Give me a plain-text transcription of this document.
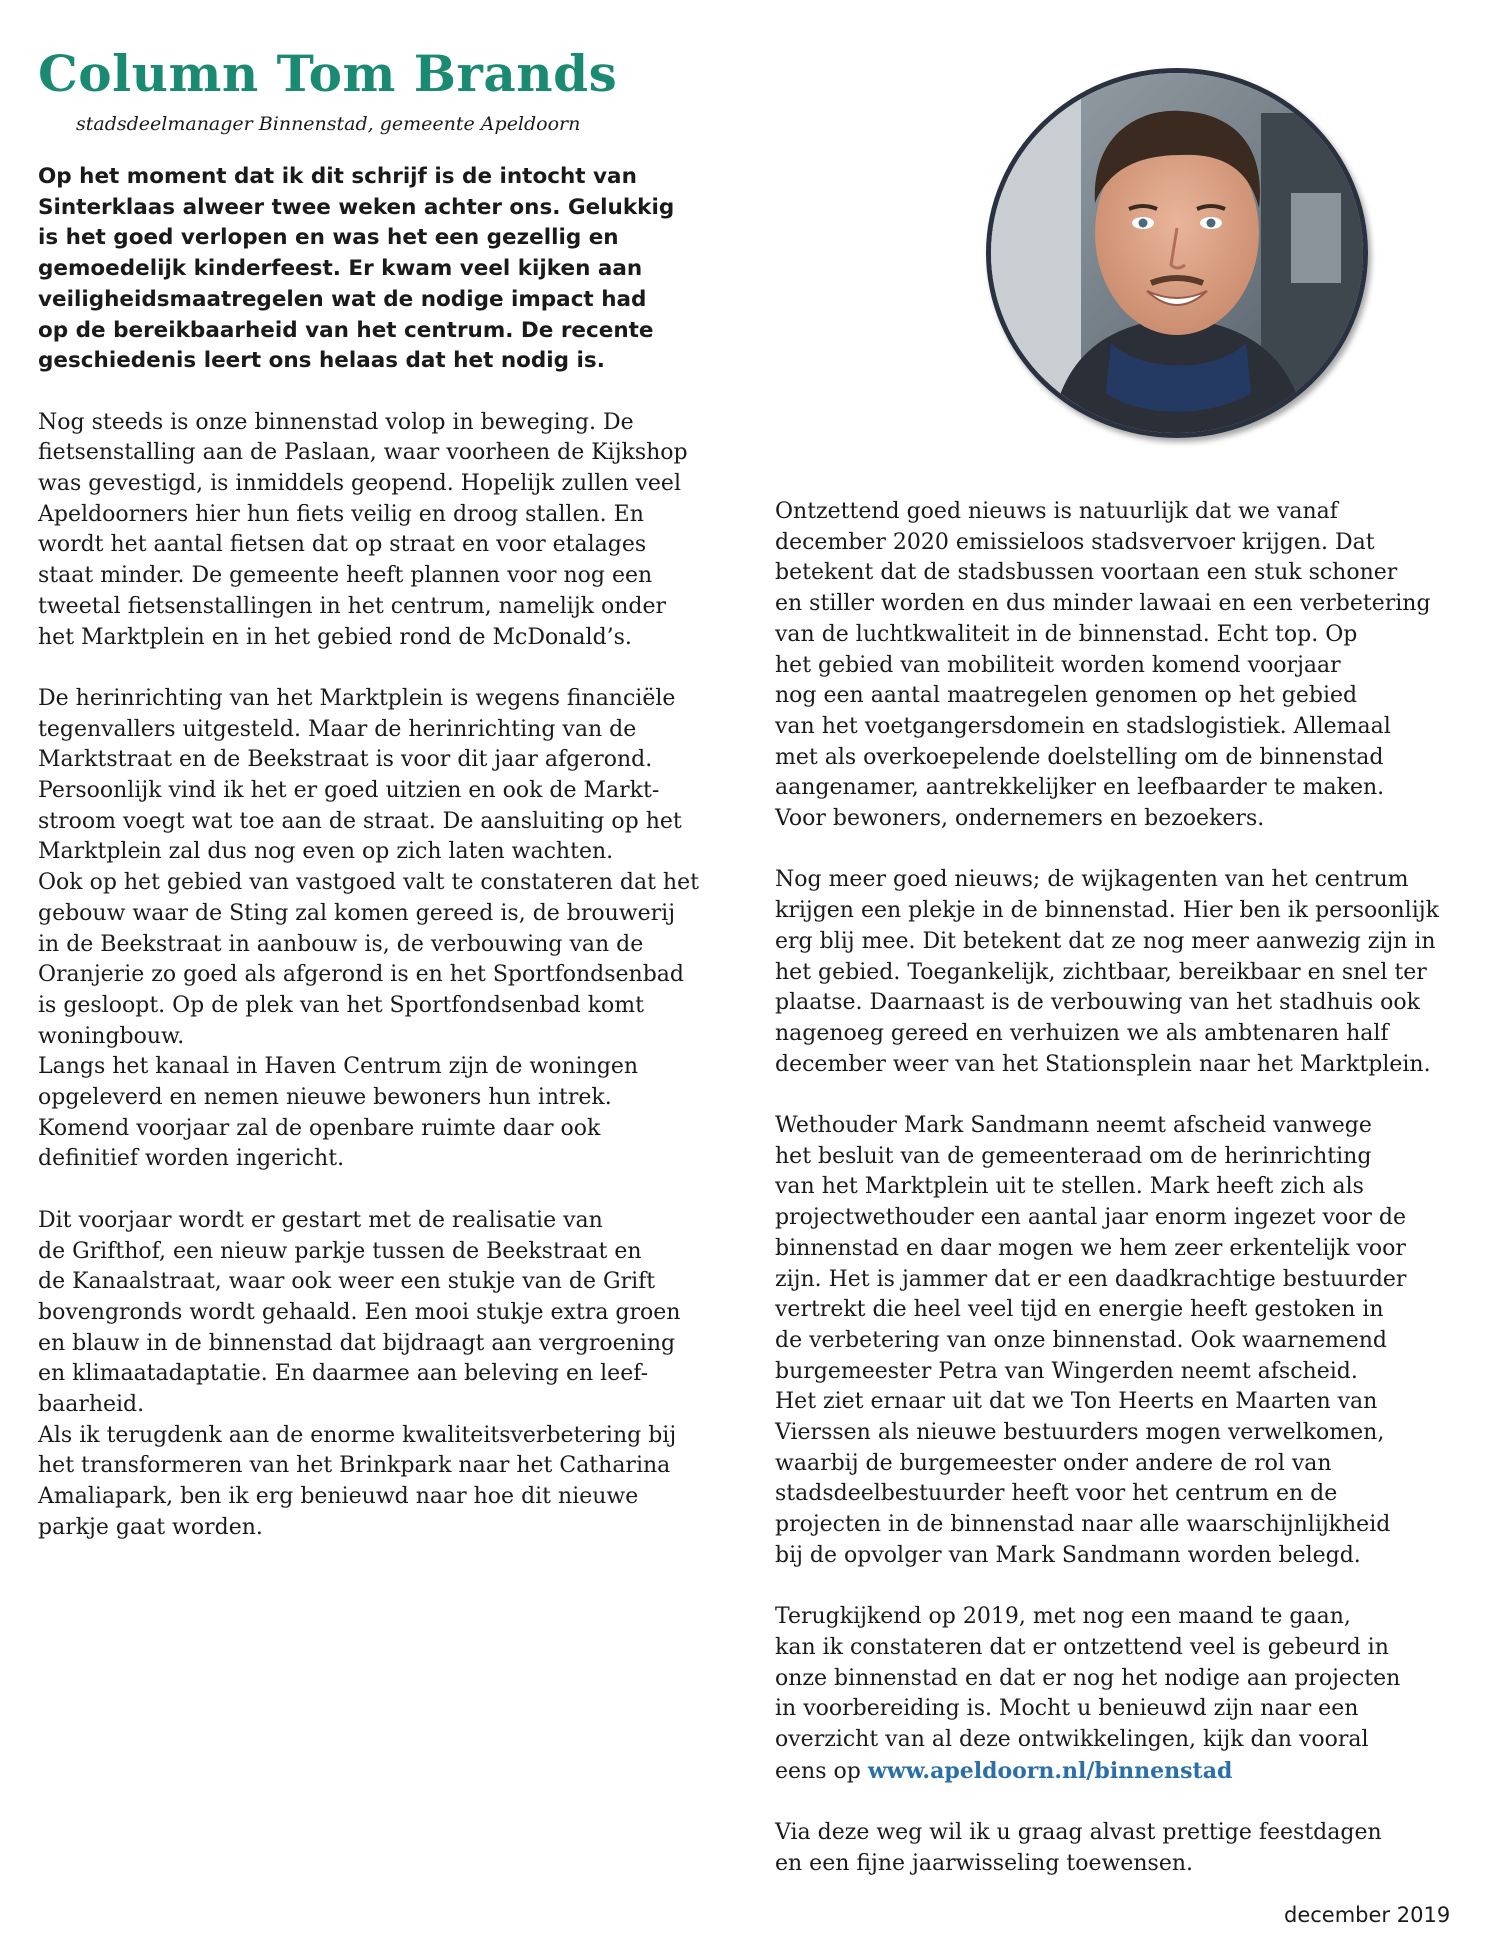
Column Tom Brands
stadsdeelmanager Binnenstad, gemeente Apeldoorn

Op het moment dat ik dit schrijf is de intocht van
Sinterklaas alweer twee weken achter ons. Gelukkig
is het goed verlopen en was het een gezellig en
gemoedelijk kinderfeest. Er kwam veel kijken aan
veiligheidsmaatregelen wat de nodige impact had
op de bereikbaarheid van het centrum. De recente
geschiedenis leert ons helaas dat het nodig is.

Nog steeds is onze binnenstad volop in beweging. De
fietsenstalling aan de Paslaan, waar voorheen de Kijkshop
was gevestigd, is inmiddels geopend. Hopelijk zullen veel
Apeldoorners hier hun fiets veilig en droog stallen. En
wordt het aantal fietsen dat op straat en voor etalages
staat minder. De gemeente heeft plannen voor nog een
tweetal fietsenstallingen in het centrum, namelijk onder
het Marktplein en in het gebied rond de McDonald’s.

De herinrichting van het Marktplein is wegens financiële
tegenvallers uitgesteld. Maar de herinrichting van de
Marktstraat en de Beekstraat is voor dit jaar afgerond.
Persoonlijk vind ik het er goed uitzien en ook de Markt-
stroom voegt wat toe aan de straat. De aansluiting op het
Marktplein zal dus nog even op zich laten wachten.
Ook op het gebied van vastgoed valt te constateren dat het
gebouw waar de Sting zal komen gereed is, de brouwerij
in de Beekstraat in aanbouw is, de verbouwing van de
Oranjerie zo goed als afgerond is en het Sportfondsenbad
is gesloopt. Op de plek van het Sportfondsenbad komt
woningbouw.
Langs het kanaal in Haven Centrum zijn de woningen
opgeleverd en nemen nieuwe bewoners hun intrek.
Komend voorjaar zal de openbare ruimte daar ook
definitief worden ingericht.

Dit voorjaar wordt er gestart met de realisatie van
de Grifthof, een nieuw parkje tussen de Beekstraat en
de Kanaalstraat, waar ook weer een stukje van de Grift
bovengronds wordt gehaald. Een mooi stukje extra groen
en blauw in de binnenstad dat bijdraagt aan vergroening
en klimaatadaptatie. En daarmee aan beleving en leef-
baarheid.
Als ik terugdenk aan de enorme kwaliteitsverbetering bij
het transformeren van het Brinkpark naar het Catharina
Amaliapark, ben ik erg benieuwd naar hoe dit nieuwe
parkje gaat worden.

Ontzettend goed nieuws is natuurlijk dat we vanaf
december 2020 emissieloos stadsvervoer krijgen. Dat
betekent dat de stadsbussen voortaan een stuk schoner
en stiller worden en dus minder lawaai en een verbetering
van de luchtkwaliteit in de binnenstad. Echt top. Op
het gebied van mobiliteit worden komend voorjaar
nog een aantal maatregelen genomen op het gebied
van het voetgangersdomein en stadslogistiek. Allemaal
met als overkoepelende doelstelling om de binnenstad
aangenamer, aantrekkelijker en leefbaarder te maken.
Voor bewoners, ondernemers en bezoekers.

Nog meer goed nieuws; de wijkagenten van het centrum
krijgen een plekje in de binnenstad. Hier ben ik persoonlijk
erg blij mee. Dit betekent dat ze nog meer aanwezig zijn in
het gebied. Toegankelijk, zichtbaar, bereikbaar en snel ter
plaatse. Daarnaast is de verbouwing van het stadhuis ook
nagenoeg gereed en verhuizen we als ambtenaren half
december weer van het Stationsplein naar het Marktplein.

Wethouder Mark Sandmann neemt afscheid vanwege
het besluit van de gemeenteraad om de herinrichting
van het Marktplein uit te stellen. Mark heeft zich als
projectwethouder een aantal jaar enorm ingezet voor de
binnenstad en daar mogen we hem zeer erkentelijk voor
zijn. Het is jammer dat er een daadkrachtige bestuurder
vertrekt die heel veel tijd en energie heeft gestoken in
de verbetering van onze binnenstad. Ook waarnemend
burgemeester Petra van Wingerden neemt afscheid.
Het ziet ernaar uit dat we Ton Heerts en Maarten van
Vierssen als nieuwe bestuurders mogen verwelkomen,
waarbij de burgemeester onder andere de rol van
stadsdeelbestuurder heeft voor het centrum en de
projecten in de binnenstad naar alle waarschijnlijkheid
bij de opvolger van Mark Sandmann worden belegd.

Terugkijkend op 2019, met nog een maand te gaan,
kan ik constateren dat er ontzettend veel is gebeurd in
onze binnenstad en dat er nog het nodige aan projecten
in voorbereiding is. Mocht u benieuwd zijn naar een
overzicht van al deze ontwikkelingen, kijk dan vooral
eens op www.apeldoorn.nl/binnenstad

Via deze weg wil ik u graag alvast prettige feestdagen
en een fijne jaarwisseling toewensen.

december 2019
